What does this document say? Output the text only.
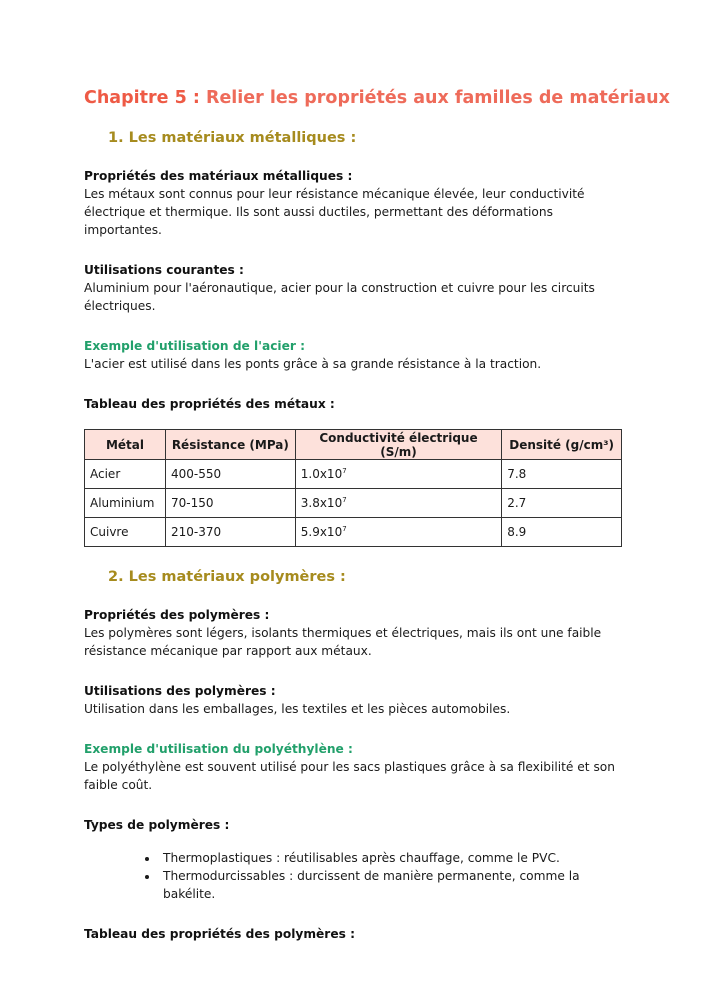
Chapitre 5 : Relier les propriétés aux familles de matériaux
1. Les matériaux métalliques :
Propriétés des matériaux métalliques :

Les métaux sont connus pour leur résistance mécanique élevée, leur conductivité électrique et thermique. Ils sont aussi ductiles, permettant des déformations importantes.

Utilisations courantes :

Aluminium pour l'aéronautique, acier pour la construction et cuivre pour les circuits électriques.

Exemple d'utilisation de l'acier :

L'acier est utilisé dans les ponts grâce à sa grande résistance à la traction.

Tableau des propriétés des métaux :
Métal	Résistance (MPa)	Conductivité électrique (S/m)	Densité (g/cm³)
Acier	400-550	$1.0x10^7$	7.8
Aluminium	70-150	$3.8x10^7$	2.7
Cuivre	210-370	$5.9x10^7$	8.9
2. Les matériaux polymères :
Propriétés des polymères :

Les polymères sont légers, isolants thermiques et électriques, mais ils ont une faible résistance mécanique par rapport aux métaux.

Utilisations des polymères :

Utilisation dans les emballages, les textiles et les pièces automobiles.

Exemple d'utilisation du polyéthylène :

Le polyéthylène est souvent utilisé pour les sacs plastiques grâce à sa flexibilité et son faible coût.

Types de polymères :
• Thermoplastiques : réutilisables après chauffage, comme le PVC.
• Thermodurcissables : durcissent de manière permanente, comme la bakélite.
Tableau des propriétés des polymères :
